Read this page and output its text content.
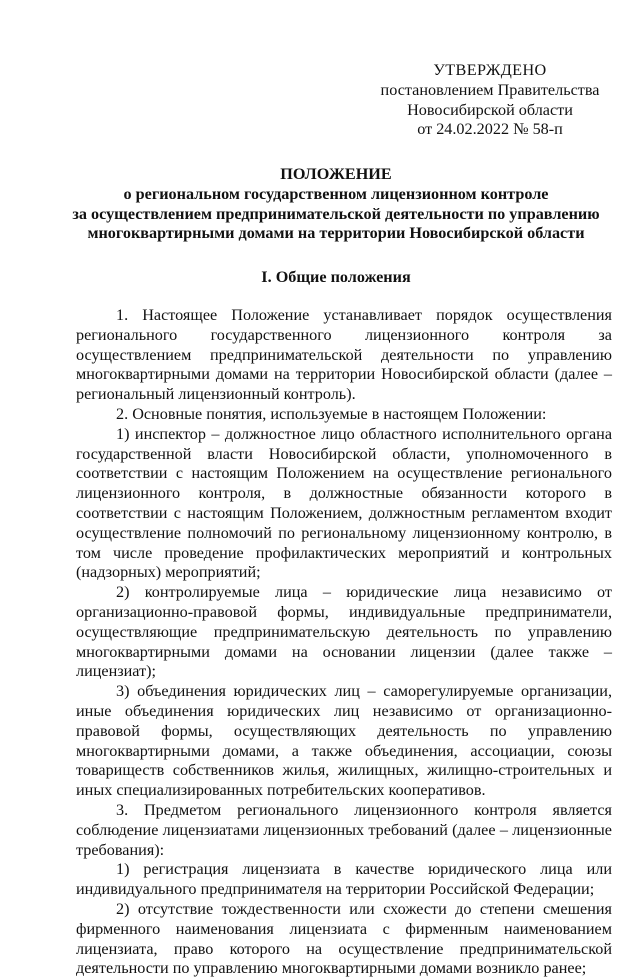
УТВЕРЖДЕНО
постановлением Правительства
Новосибирской области
от 24.02.2022 № 58-п
ПОЛОЖЕНИЕ
о региональном государственном лицензионном контроле
за осуществлением предпринимательской деятельности по управлению
многоквартирными домами на территории Новосибирской области
I. Общие положения

1. Настоящее Положение устанавливает порядок осуществления регионального государственного лицензионного контроля за осуществлением предпринимательской деятельности по управлению многоквартирными домами на территории Новосибирской области (далее – региональный лицензионный контроль).

2. Основные понятия, используемые в настоящем Положении:

1) инспектор – должностное лицо областного исполнительного органа государственной власти Новосибирской области, уполномоченного в соответствии с настоящим Положением на осуществление регионального лицензионного контроля, в должностные обязанности которого в соответствии с настоящим Положением, должностным регламентом входит осуществление полномочий по региональному лицензионному контролю, в том числе проведение профилактических мероприятий и контрольных (надзорных) мероприятий;

2) контролируемые лица – юридические лица независимо от организационно-правовой формы, индивидуальные предприниматели, осуществляющие предпринимательскую деятельность по управлению многоквартирными домами на основании лицензии (далее также – лицензиат);

3) объединения юридических лиц – саморегулируемые организации, иные объединения юридических лиц независимо от организационно-правовой формы, осуществляющих деятельность по управлению многоквартирными домами, а также объединения, ассоциации, союзы товариществ собственников жилья, жилищных, жилищно-строительных и иных специализированных потребительских кооперативов.

3. Предметом регионального лицензионного контроля является соблюдение лицензиатами лицензионных требований (далее – лицензионные требования):

1) регистрация лицензиата в качестве юридического лица или индивидуального предпринимателя на территории Российской Федерации;

2) отсутствие тождественности или схожести до степени смешения фирменного наименования лицензиата с фирменным наименованием лицензиата, право которого на осуществление предпринимательской деятельности по управлению многоквартирными домами возникло ранее;
